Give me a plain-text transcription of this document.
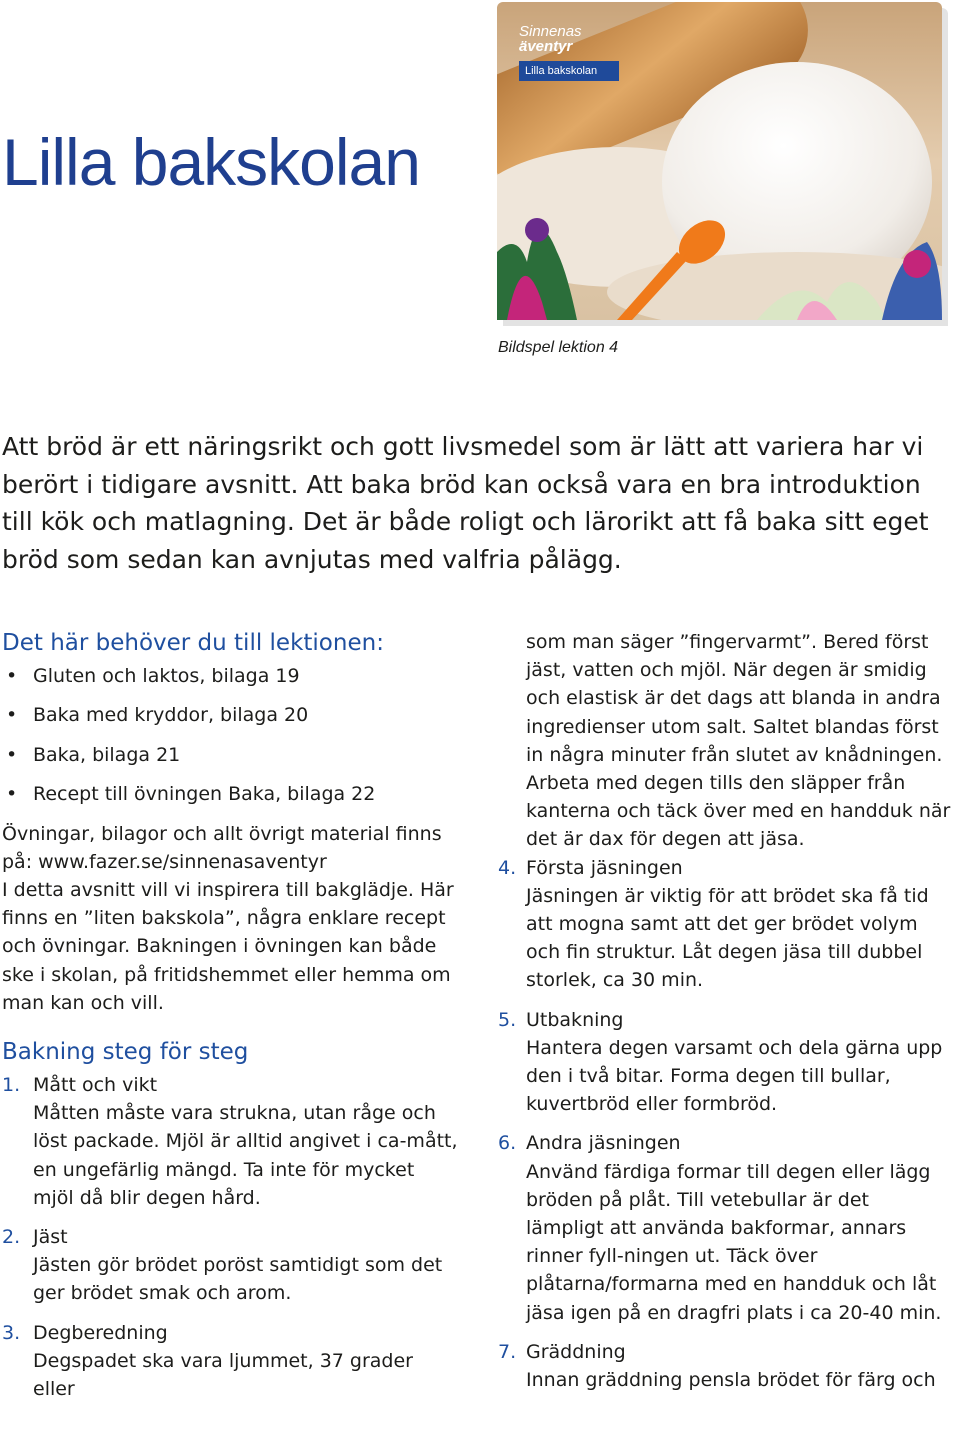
Lilla bakskolan
Sinnenas
äventyr
Lilla bakskolan
Bildspel lektion 4

Att bröd är ett näringsrikt och gott livsmedel som är lätt att variera har vi berört i tidigare avsnitt. Att baka bröd kan också vara en bra introduktion till kök och matlagning. Det är både roligt och lärorikt att få baka sitt eget bröd som sedan kan avnjutas med valfria pålägg.

Det här behöver du till lektionen:
• Gluten och laktos, bilaga 19
• Baka med kryddor, bilaga 20
• Baka, bilaga 21
• Recept till övningen Baka, bilaga 22

Övningar, bilagor och allt övrigt material finns på: www.fazer.se/sinnenasaventyr

I detta avsnitt vill vi inspirera till bakglädje. Här finns en ”liten bakskola”, några enklare recept och övningar. Bakningen i övningen kan både ske i skolan, på fritidshemmet eller hemma om man kan och vill.

Bakning steg för steg
1. Mått och vikt
Måtten måste vara strukna, utan råge och löst packade. Mjöl är alltid angivet i ca-mått, en ungefärlig mängd. Ta inte för mycket mjöl då blir degen hård.
2. Jäst
Jästen gör brödet poröst samtidigt som det ger brödet smak och arom.
3. Degberedning
Degspadet ska vara ljummet, 37 grader eller

som man säger ”fingervarmt”. Bered först jäst, vatten och mjöl. När degen är smidig och elastisk är det dags att blanda in andra ingredienser utom salt. Saltet blandas först in några minuter från slutet av knådningen. Arbeta med degen tills den släpper från kanterna och täck över med en handduk när det är dax för degen att jäsa.

4. Första jäsningen
Jäsningen är viktig för att brödet ska få tid att mogna samt att det ger brödet volym och fin struktur. Låt degen jäsa till dubbel storlek, ca 30 min.
5. Utbakning
Hantera degen varsamt och dela gärna upp den i två bitar. Forma degen till bullar, kuvertbröd eller formbröd.
6. Andra jäsningen
Använd färdiga formar till degen eller lägg bröden på plåt. Till vetebullar är det lämpligt att använda bakformar, annars rinner fyll-ningen ut. Täck över plåtarna/formarna med en handduk och låt jäsa igen på en dragfri plats i ca 20-40 min.
7. Gräddning
Innan gräddning pensla brödet för färg och
